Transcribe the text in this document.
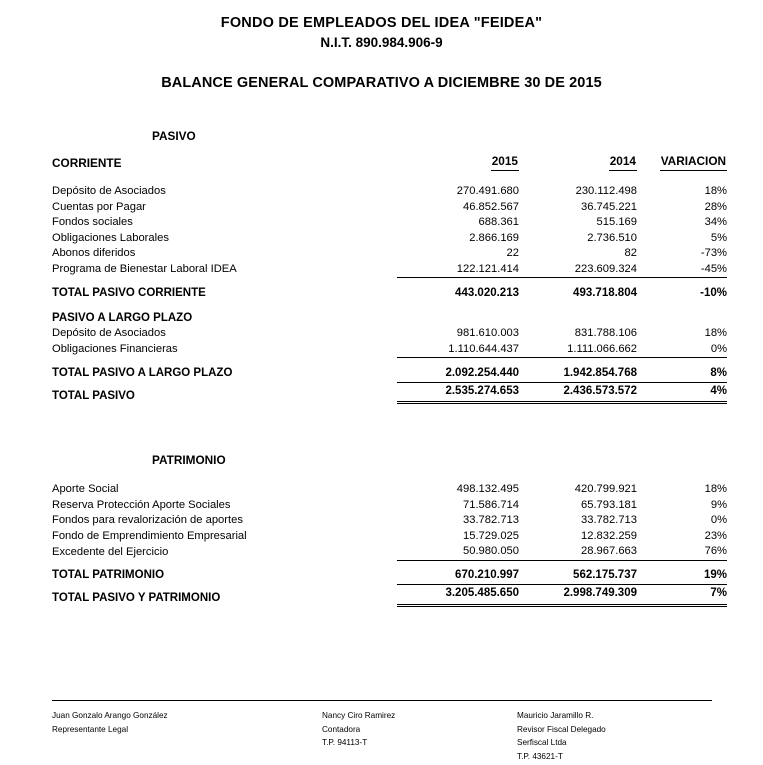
FONDO DE EMPLEADOS DEL IDEA "FEIDEA"
N.I.T. 890.984.906-9
BALANCE GENERAL COMPARATIVO A DICIEMBRE 30 DE 2015
PASIVO			
CORRIENTE	2015	2014	VARIACION

Depósito de Asociados	270.491.680	230.112.498	18%
Cuentas por Pagar	46.852.567	36.745.221	28%
Fondos sociales	688.361	515.169	34%
Obligaciones Laborales	2.866.169	2.736.510	5%
Abonos diferidos	22	82	-73%
Programa de Bienestar Laboral IDEA	122.121.414	223.609.324	-45%
TOTAL PASIVO CORRIENTE	443.020.213	493.718.804	-10%
PASIVO A LARGO PLAZO			
Depósito de Asociados	981.610.003	831.788.106	18%
Obligaciones Financieras	1.110.644.437	1.111.066.662	0%
TOTAL PASIVO A LARGO PLAZO	2.092.254.440	1.942.854.768	8%
TOTAL PASIVO	2.535.274.653	2.436.573.572	4%

PATRIMONIO			

Aporte Social	498.132.495	420.799.921	18%
Reserva Protección Aporte Sociales	71.586.714	65.793.181	9%
Fondos para revalorización de aportes	33.782.713	33.782.713	0%
Fondo de Emprendimiento Empresarial	15.729.025	12.832.259	23%
Excedente del Ejercicio	50.980.050	28.967.663	76%
TOTAL PATRIMONIO	670.210.997	562.175.737	19%
TOTAL PASIVO Y PATRIMONIO	3.205.485.650	2.998.749.309	7%
Juan Gonzalo Arango González
Representante Legal
Nancy Ciro Ramirez
Contadora
T.P. 94113-T
Mauricio Jaramillo R.
Revisor Fiscal Delegado
Serfiscal Ltda
T.P. 43621-T
